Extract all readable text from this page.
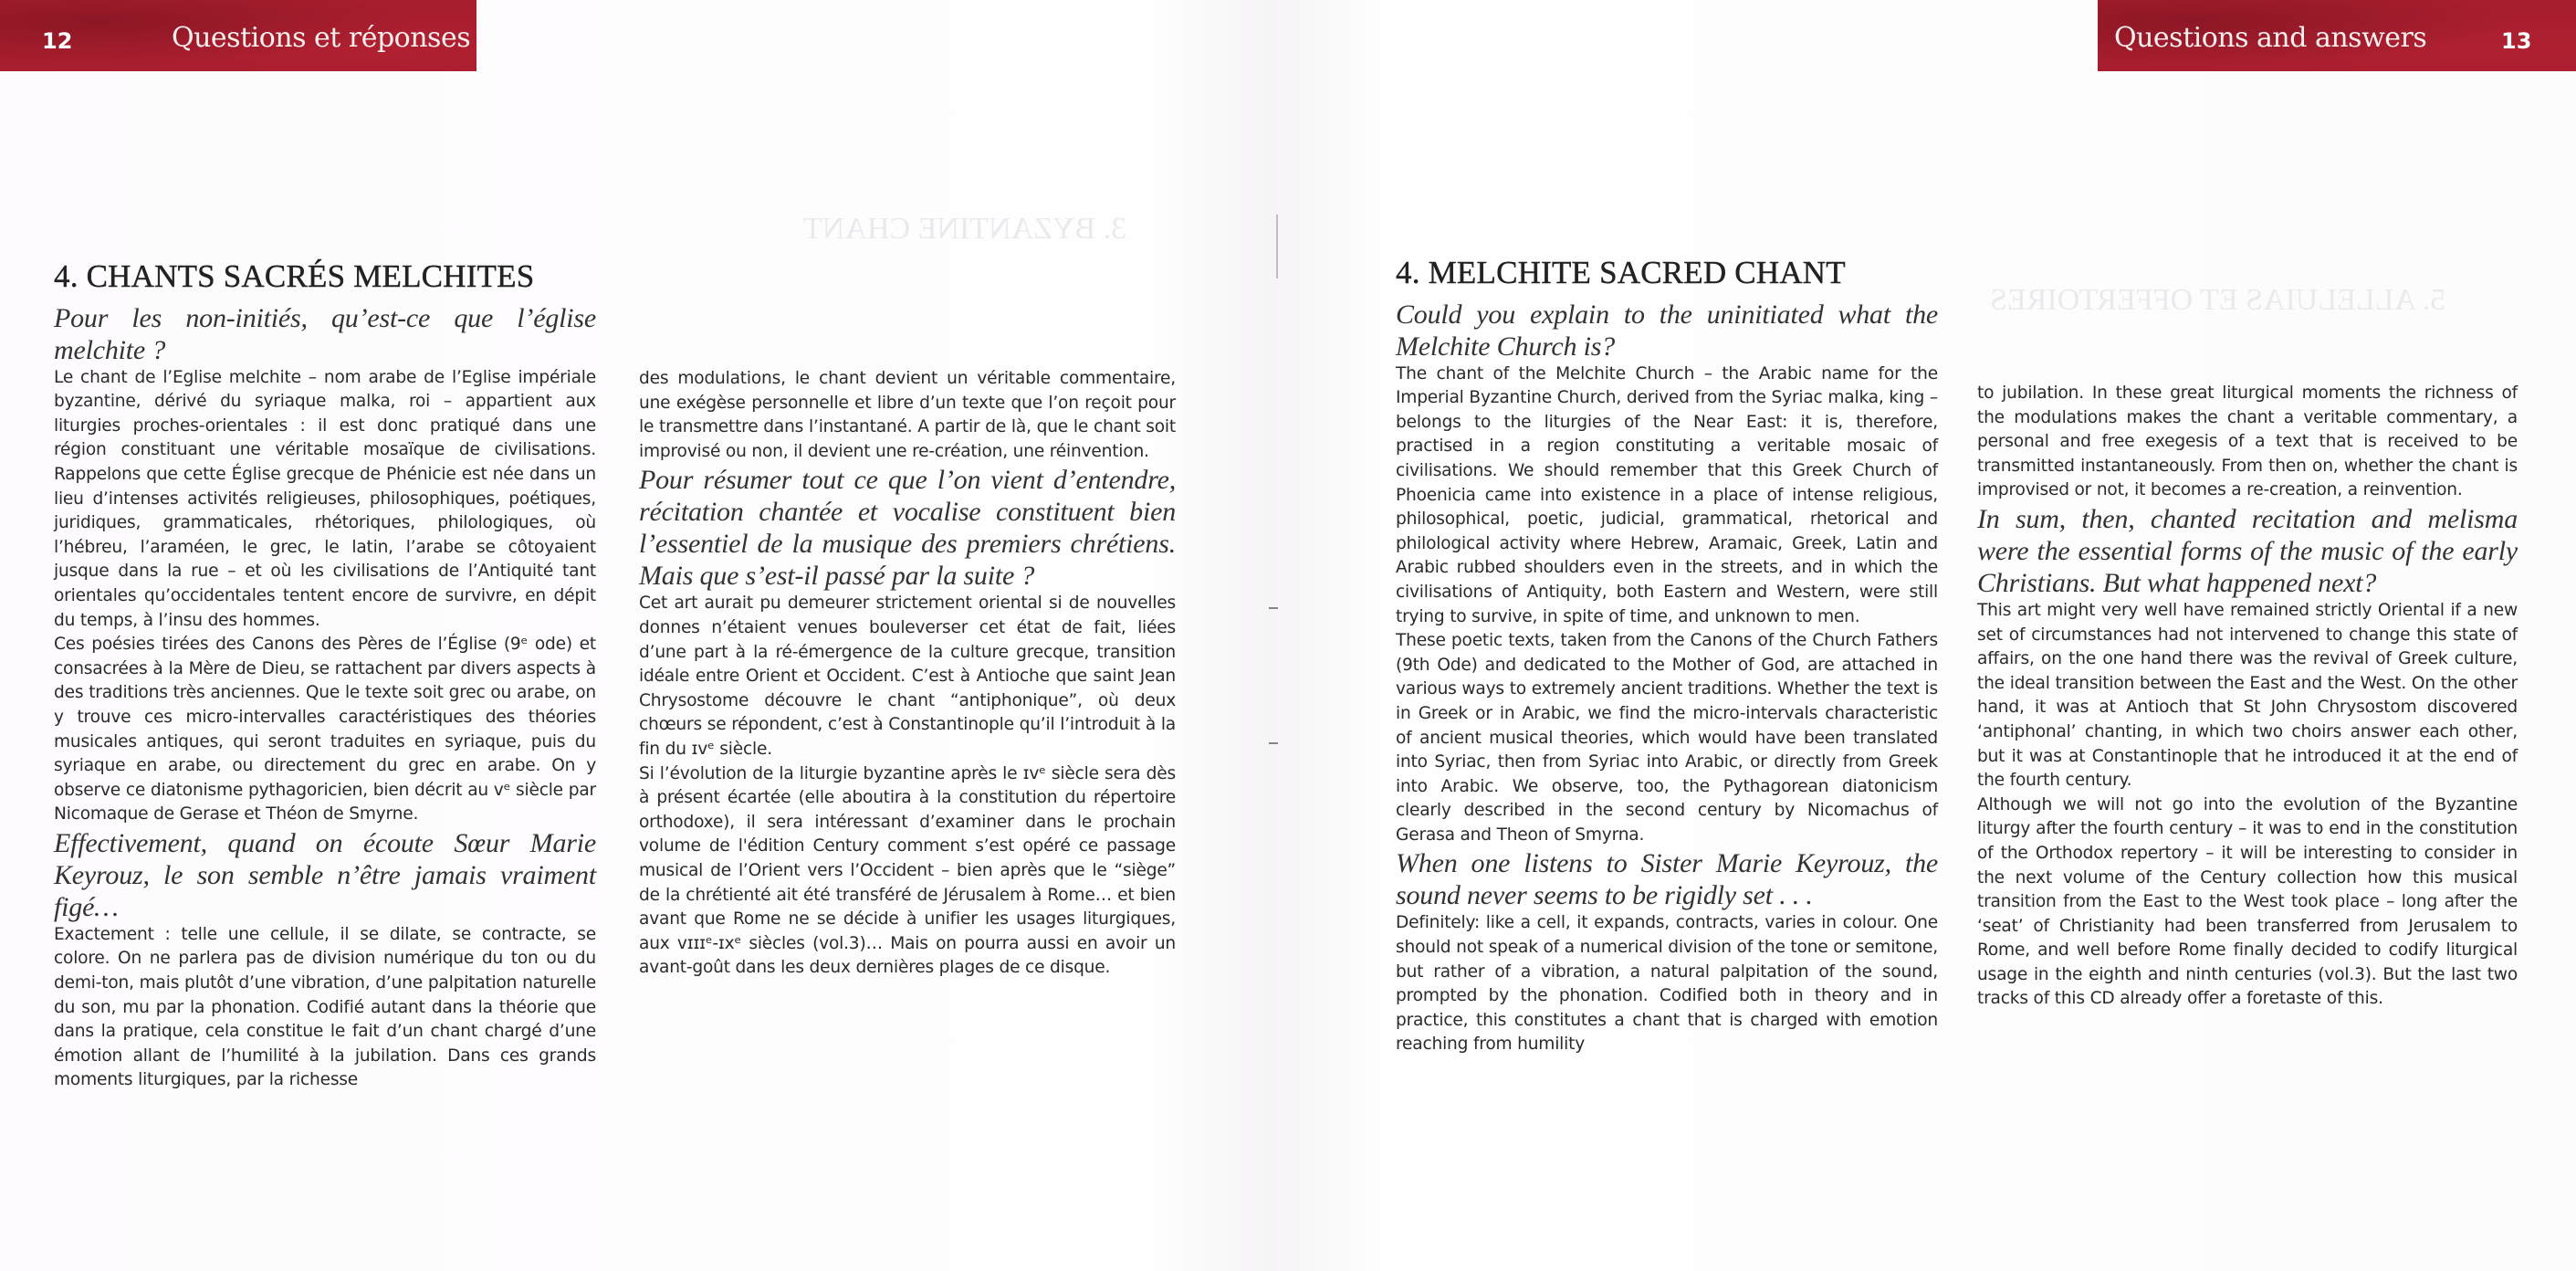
12	Questions et réponses
3. BYZANTINE CHANT
4. CHANTS SACRÉS MELCHITES

Pour les non-initiés, qu’est-ce que l’église melchite ?

Le chant de l’Eglise melchite – nom arabe de l’Eglise impériale byzantine, dérivé du syriaque malka, roi – appartient aux liturgies proches-orientales : il est donc pratiqué dans une région constituant une véritable mosaïque de civilisations. Rappelons que cette Église grecque de Phénicie est née dans un lieu d’intenses activités religieuses, philosophiques, poétiques, juridiques, grammaticales, rhétoriques, philologiques, où l’hébreu, l’araméen, le grec, le latin, l’arabe se côtoyaient jusque dans la rue – et où les civilisations de l’Antiquité tant orientales qu’occidentales tentent encore de survivre, en dépit du temps, à l’insu des hommes.

Ces poésies tirées des Canons des Pères de l’Église (9ᵉ ode) et consacrées à la Mère de Dieu, se rattachent par divers aspects à des traditions très anciennes. Que le texte soit grec ou arabe, on y trouve ces micro-intervalles caractéristiques des théories musicales antiques, qui seront traduites en syriaque, puis du syriaque en arabe, ou directement du grec en arabe. On y observe ce diatonisme pythagoricien, bien décrit au vᵉ siècle par Nicomaque de Gerase et Théon de Smyrne.

Effectivement, quand on écoute Sœur Marie Keyrouz, le son semble n’être jamais vraiment figé…

Exactement : telle une cellule, il se dilate, se contracte, se colore. On ne parlera pas de division numérique du ton ou du demi-ton, mais plutôt d’une vibration, d’une palpitation naturelle du son, mu par la phonation. Codifié autant dans la théorie que dans la pratique, cela constitue le fait d’un chant chargé d’une émotion allant de l’humilité à la jubilation. Dans ces grands moments liturgiques, par la richesse

des modulations, le chant devient un véritable commentaire, une exégèse personnelle et libre d’un texte que l’on reçoit pour le transmettre dans l’instantané. A partir de là, que le chant soit improvisé ou non, il devient une re-création, une réinvention.

Pour résumer tout ce que l’on vient d’entendre, récitation chantée et vocalise constituent bien l’essentiel de la musique des premiers chrétiens. Mais que s’est-il passé par la suite ?

Cet art aurait pu demeurer strictement oriental si de nouvelles donnes n’étaient venues bouleverser cet état de fait, liées d’une part à la ré-émergence de la culture grecque, transition idéale entre Orient et Occident. C’est à Antioche que saint Jean Chrysostome découvre le chant “antiphonique”, où deux chœurs se répondent, c’est à Constantinople qu’il l’introduit à la fin du ɪᴠᵉ siècle.

Si l’évolution de la liturgie byzantine après le ɪᴠᵉ siècle sera dès à présent écartée (elle aboutira à la constitution du répertoire orthodoxe), il sera intéressant d’examiner dans le prochain volume de l'édition Century comment s’est opéré ce passage musical de l’Orient vers l’Occident – bien après que le “siège” de la chrétienté ait été transféré de Jérusalem à Rome… et bien avant que Rome ne se décide à unifier les usages liturgiques, aux ᴠɪɪɪᵉ-ɪxᵉ siècles (vol.3)… Mais on pourra aussi en avoir un avant-goût dans les deux dernières plages de ce disque.

Questions and answers	13
5. ALLELUIAS ET OFFERTOIRES
4. MELCHITE SACRED CHANT

Could you explain to the uninitiated what the Melchite Church is?

The chant of the Melchite Church – the Arabic name for the Imperial Byzantine Church, derived from the Syriac malka, king – belongs to the liturgies of the Near East: it is, therefore, practised in a region constituting a veritable mosaic of civilisations. We should remember that this Greek Church of Phoenicia came into existence in a place of intense religious, philosophical, poetic, judicial, grammatical, rhetorical and philological activity where Hebrew, Aramaic, Greek, Latin and Arabic rubbed shoulders even in the streets, and in which the civilisations of Antiquity, both Eastern and Western, were still trying to survive, in spite of time, and unknown to men.

These poetic texts, taken from the Canons of the Church Fathers (9th Ode) and dedicated to the Mother of God, are attached in various ways to extremely ancient traditions. Whether the text is in Greek or in Arabic, we find the micro-intervals characteristic of ancient musical theories, which would have been translated into Syriac, then from Syriac into Arabic, or directly from Greek into Arabic. We observe, too, the Pythagorean diatonicism clearly described in the second century by Nicomachus of Gerasa and Theon of Smyrna.

When one listens to Sister Marie Keyrouz, the sound never seems to be rigidly set . . .

Definitely: like a cell, it expands, contracts, varies in colour. One should not speak of a numerical division of the tone or semitone, but rather of a vibration, a natural palpitation of the sound, prompted by the phonation. Codified both in theory and in practice, this constitutes a chant that is charged with emotion reaching from humility

to jubilation. In these great liturgical moments the richness of the modulations makes the chant a veritable commentary, a personal and free exegesis of a text that is received to be transmitted instantaneously. From then on, whether the chant is improvised or not, it becomes a re-creation, a reinvention.

In sum, then, chanted recitation and melisma were the essential forms of the music of the early Christians. But what happened next?

This art might very well have remained strictly Oriental if a new set of circumstances had not intervened to change this state of affairs, on the one hand there was the revival of Greek culture, the ideal transition between the East and the West. On the other hand, it was at Antioch that St John Chrysostom discovered ‘antiphonal’ chanting, in which two choirs answer each other, but it was at Constantinople that he introduced it at the end of the fourth century.

Although we will not go into the evolution of the Byzantine liturgy after the fourth century – it was to end in the constitution of the Orthodox repertory – it will be interesting to consider in the next volume of the Century collection how this musical transition from the East to the West took place – long after the ‘seat’ of Christianity had been transferred from Jerusalem to Rome, and well before Rome finally decided to codify liturgical usage in the eighth and ninth centuries (vol.3). But the last two tracks of this CD already offer a foretaste of this.
